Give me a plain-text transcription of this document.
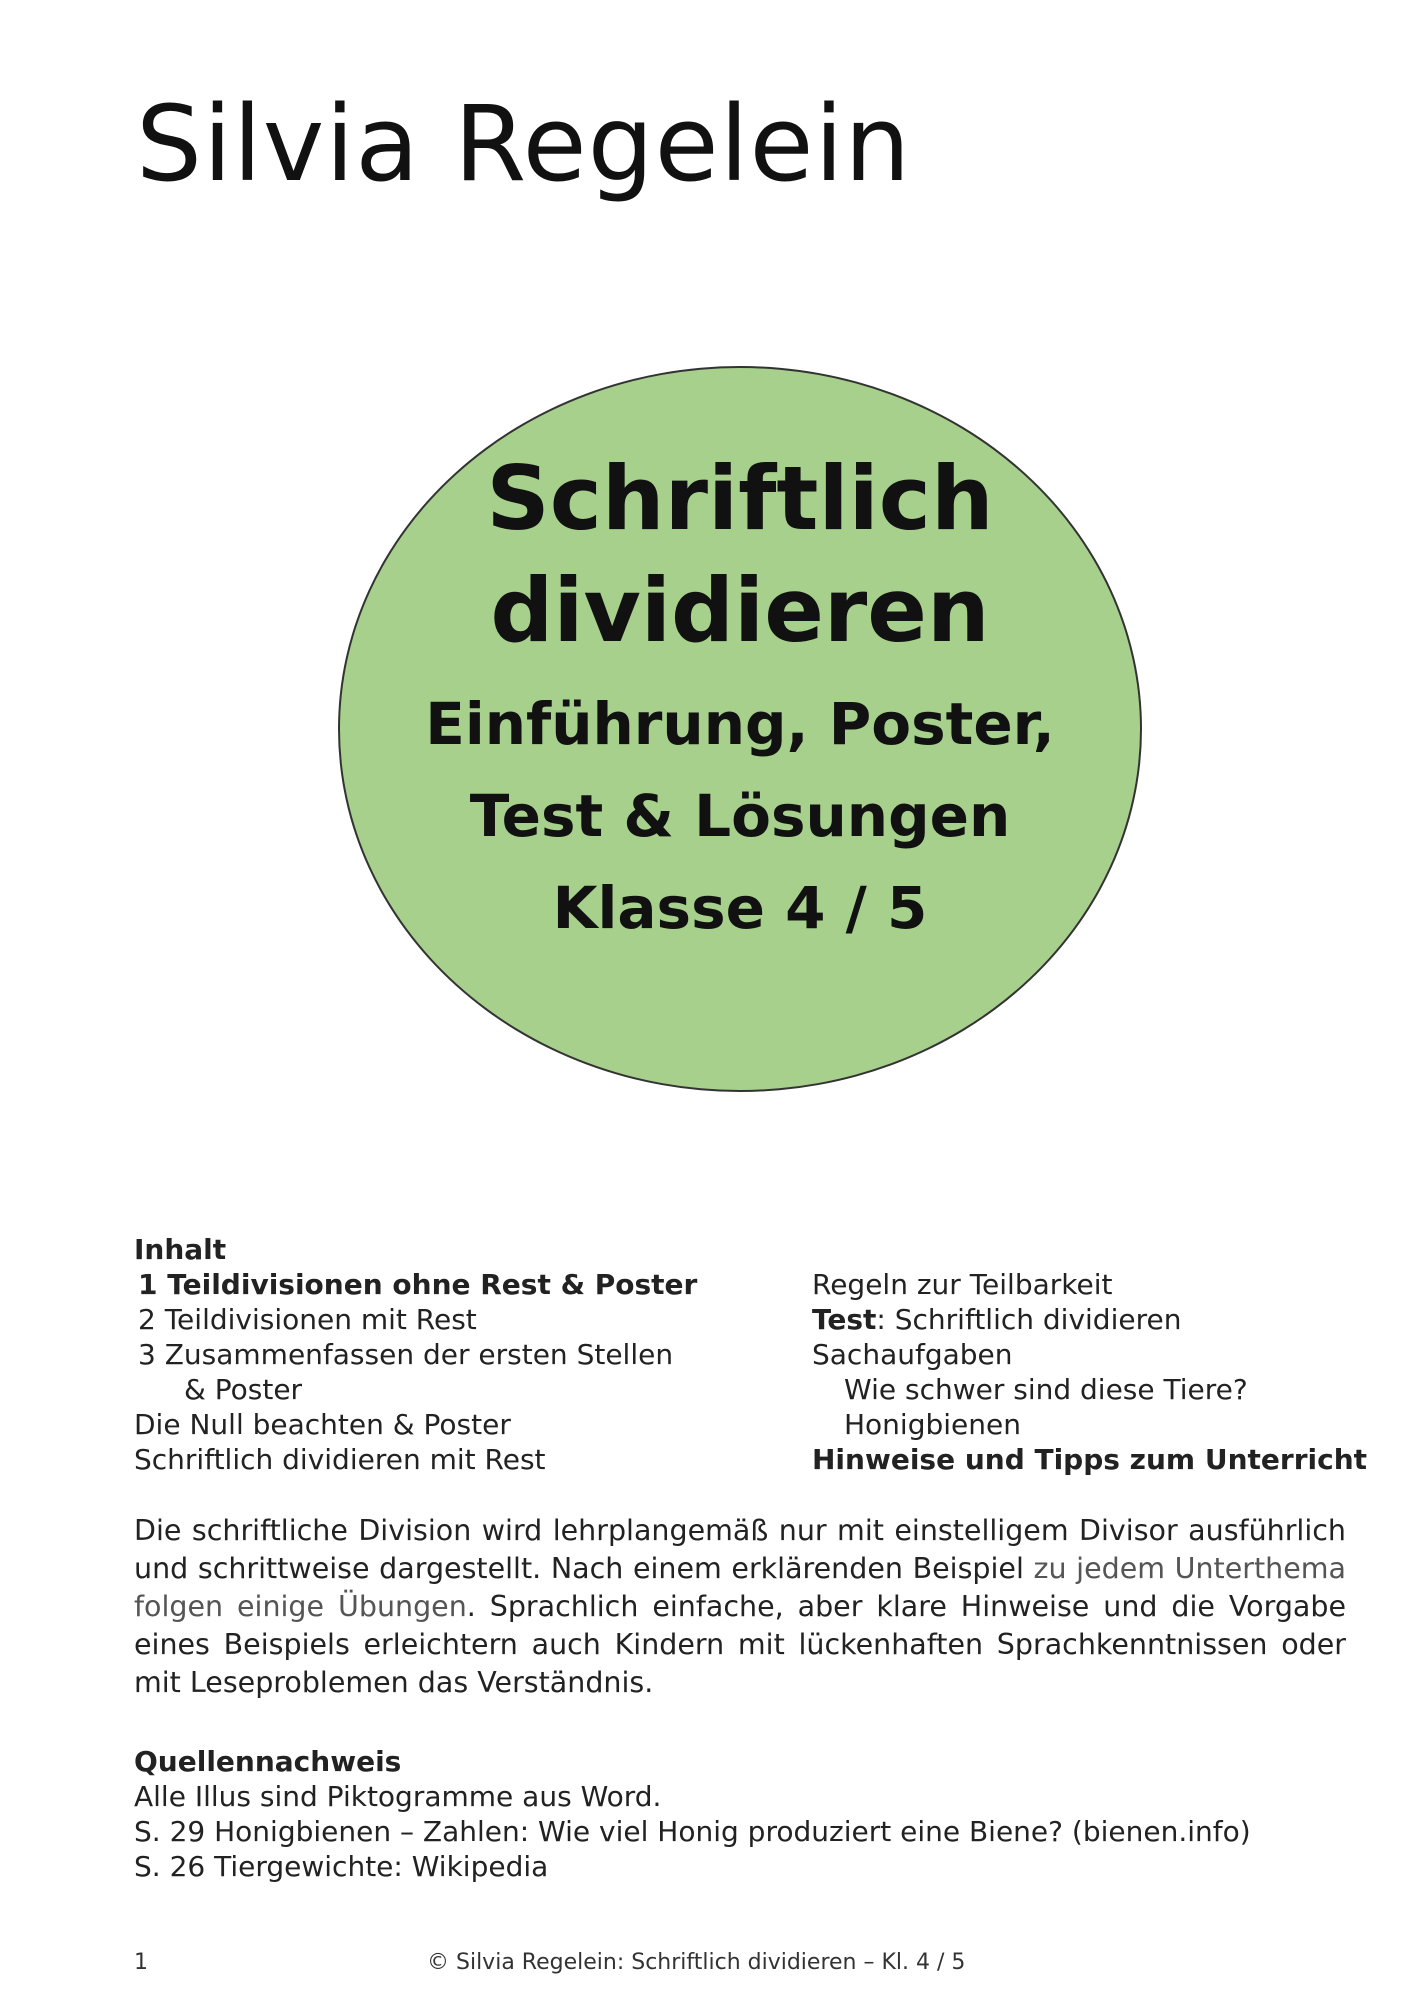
Silvia Regelein
Schriftlich
dividieren
Einführung, Poster,
Test & Lösungen
Klasse 4 / 5
Inhalt
1 Teildivisionen ohne Rest & Poster
2 Teildivisionen mit Rest
3 Zusammenfassen der ersten Stellen
& Poster
Die Null beachten & Poster
Schriftlich dividieren mit Rest
Regeln zur Teilbarkeit
Test: Schriftlich dividieren
Sachaufgaben
Wie schwer sind diese Tiere?
Honigbienen
Hinweise und Tipps zum Unterricht
Die schriftliche Division wird lehrplangemäß nur mit einstelligem Divisor ausführlich und schrittweise dargestellt. Nach einem erklärenden Beispiel zu jedem Unterthema folgen einige Übungen. Sprachlich einfache, aber klare Hinweise und die Vorgabe eines Beispiels erleichtern auch Kindern mit lückenhaften Sprachkenntnissen oder mit Leseproblemen das Verständnis.
Quellennachweis
Alle Illus sind Piktogramme aus Word.
S. 29 Honigbienen – Zahlen: Wie viel Honig produziert eine Biene? (bienen.info)
S. 26 Tiergewichte: Wikipedia
1	© Silvia Regelein: Schriftlich dividieren – Kl. 4 / 5
